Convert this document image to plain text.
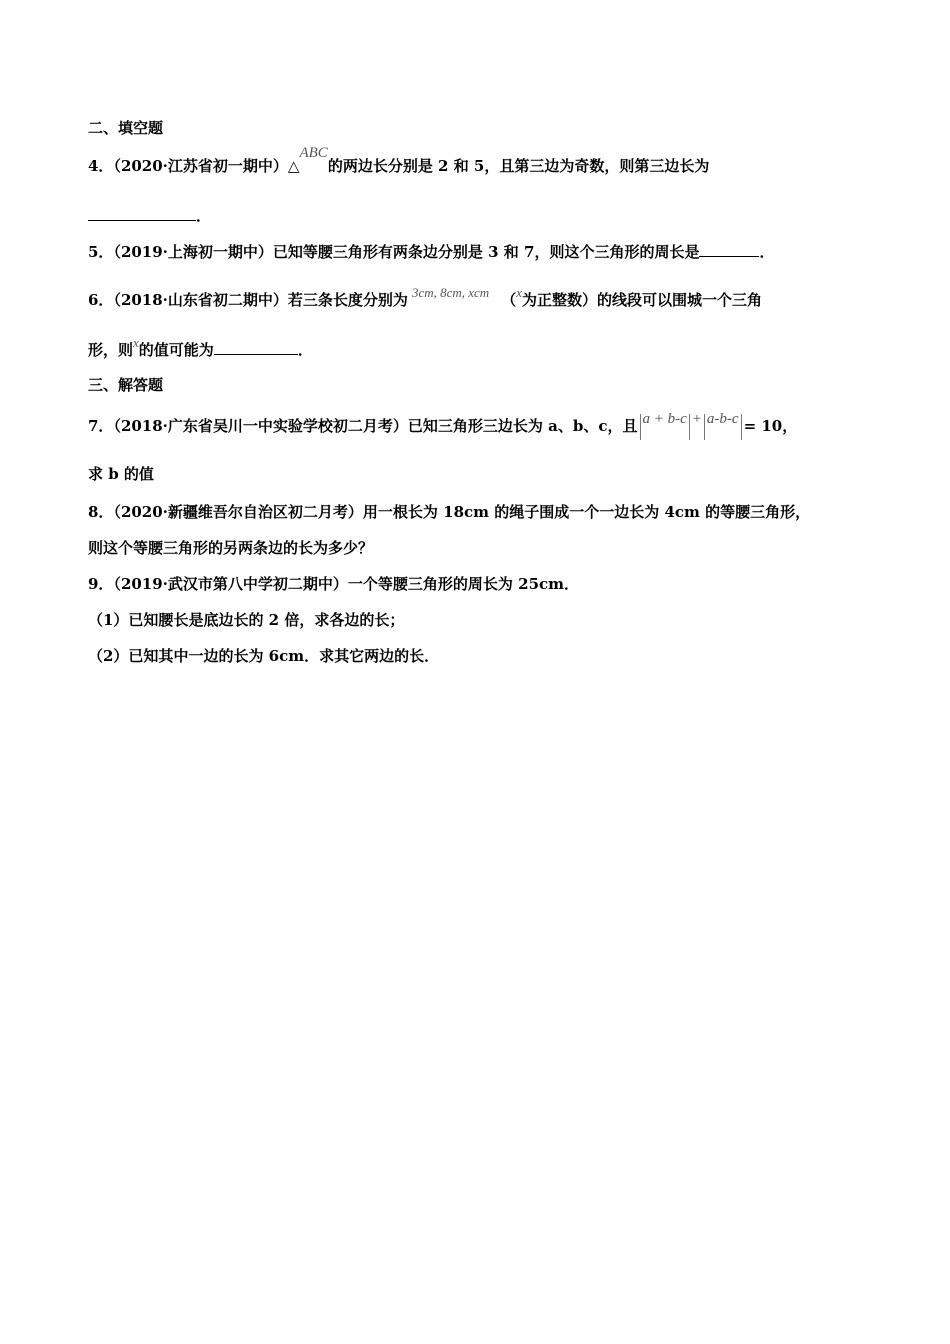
二、填空题
4．（2020·江苏省初一期中）△ABC的两边长分别是 2 和 5，且第三边为奇数，则第三边长为
．
5．（2019·上海初一期中）已知等腰三角形有两条边分别是 3 和 7，则这个三角形的周长是	．
6．（2018·山东省初二期中）若三条长度分别为 3cm, 8cm, xcm （x为正整数）的线段可以围城一个三角
形，则x的值可能为	．
三、解答题
7．（2018·广东省吴川一中实验学校初二月考）已知三角形三边长为 a、b、c，且 a + b-c + a-b-c = 10，
求 b 的值
8．（2020·新疆维吾尔自治区初二月考）用一根长为 18cm 的绳子围成一个一边长为 4cm 的等腰三角形，
则这个等腰三角形的另两条边的长为多少？
9．（2019·武汉市第八中学初二期中）一个等腰三角形的周长为 25cm．
（1）已知腰长是底边长的 2 倍，求各边的长；
（2）已知其中一边的长为 6cm．求其它两边的长．
